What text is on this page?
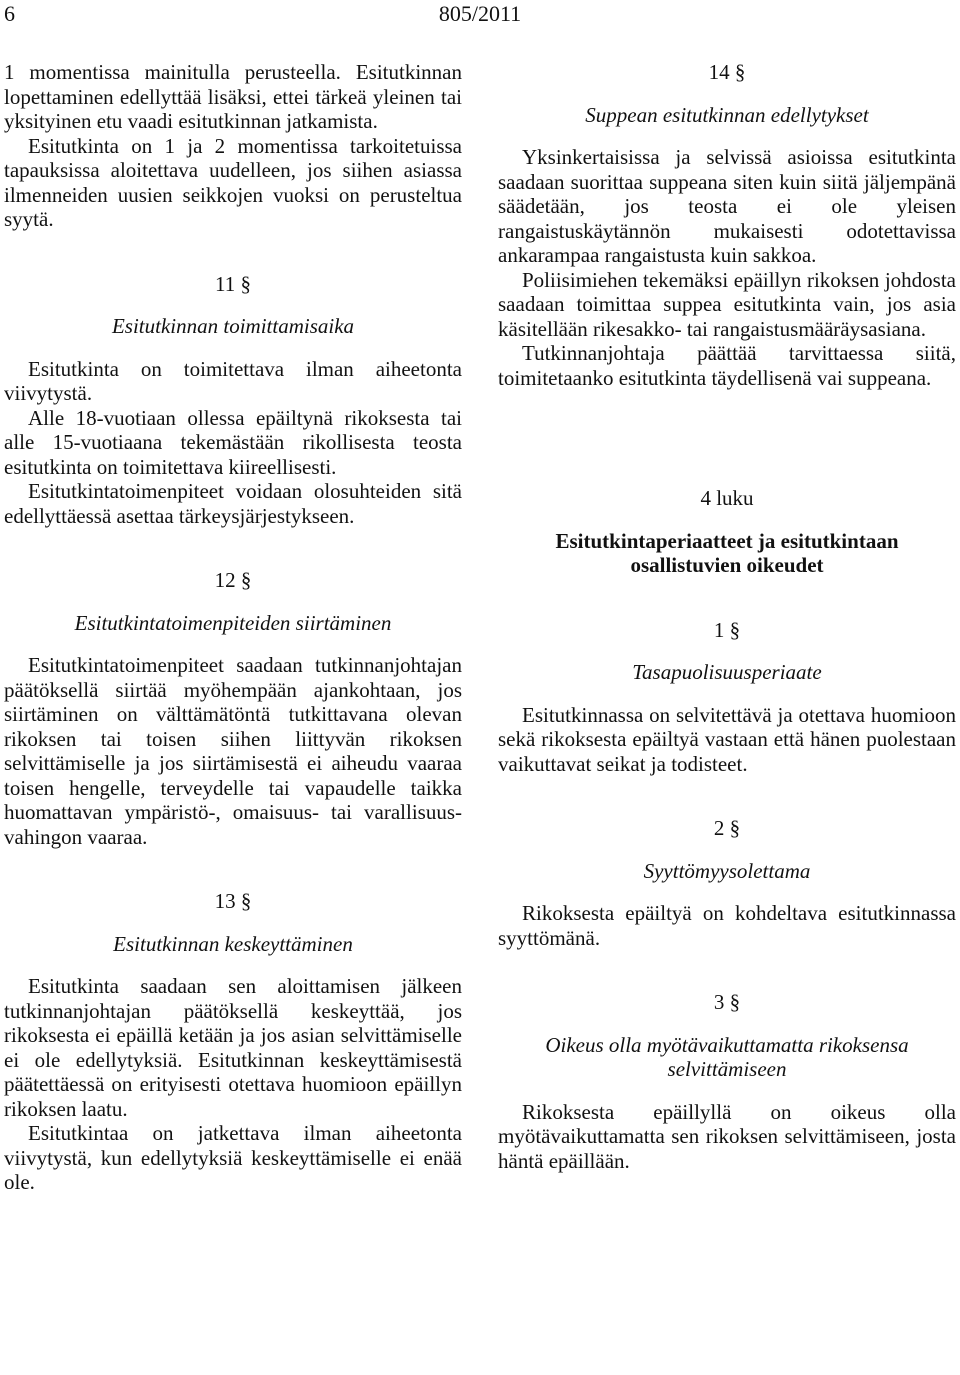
6	805/2011

1 momentissa mainitulla perusteella. Esitutkinnan lopettaminen edellyttää lisäksi, ettei tärkeä yleinen tai yksityinen etu vaadi esitutkinnan jatkamista.

Esitutkinta on 1 ja 2 momentissa tarkoitetuissa tapauksissa aloitettava uudelleen, jos siihen asiassa ilmenneiden uusien seikkojen vuoksi on perusteltua syytä.

11 §
Esitutkinnan toimittamisaika

Esitutkinta on toimitettava ilman aiheetonta viivytystä.

Alle 18-vuotiaan ollessa epäiltynä rikoksesta tai alle 15-vuotiaana tekemästään rikollisesta teosta esitutkinta on toimitettava kiireellisesti.

Esitutkintatoimenpiteet voidaan olosuhteiden sitä edellyttäessä asettaa tärkeysjärjestykseen.

12 §
Esitutkintatoimenpiteiden siirtäminen

Esitutkintatoimenpiteet saadaan tutkinnanjohtajan päätöksellä siirtää myöhempään ajankohtaan, jos siirtäminen on välttämätöntä tutkittavana olevan rikoksen tai toisen siihen liittyvän rikoksen selvittämiselle ja jos siirtämisestä ei aiheudu vaaraa toisen hengelle, terveydelle tai vapaudelle taikka huomattavan ympäristö-, omaisuus- tai varallisuus-vahingon vaaraa.

13 §
Esitutkinnan keskeyttäminen

Esitutkinta saadaan sen aloittamisen jälkeen tutkinnanjohtajan päätöksellä keskeyttää, jos rikoksesta ei epäillä ketään ja jos asian selvittämiselle ei ole edellytyksiä. Esitutkinnan keskeyttämisestä päätettäessä on erityisesti otettava huomioon epäillyn rikoksen laatu.

Esitutkintaa on jatkettava ilman aiheetonta viivytystä, kun edellytyksiä keskeyttämiselle ei enää ole.

14 §
Suppean esitutkinnan edellytykset

Yksinkertaisissa ja selvissä asioissa esitutkinta saadaan suorittaa suppeana siten kuin siitä jäljempänä säädetään, jos teosta ei ole yleisen rangaistuskäytännön mukaisesti odotettavissa ankarampaa rangaistusta kuin sakkoa.

Poliisimiehen tekemäksi epäillyn rikoksen johdosta saadaan toimittaa suppea esitutkinta vain, jos asia käsitellään rikesakko- tai rangaistusmääräysasiana.

Tutkinnanjohtaja päättää tarvittaessa siitä, toimitetaanko esitutkinta täydellisenä vai suppeana.

4 luku
Esitutkintaperiaatteet ja esitutkintaan osallistuvien oikeudet
1 §
Tasapuolisuusperiaate

Esitutkinnassa on selvitettävä ja otettava huomioon sekä rikoksesta epäiltyä vastaan että hänen puolestaan vaikuttavat seikat ja todisteet.

2 §
Syyttömyysolettama

Rikoksesta epäiltyä on kohdeltava esitutkinnassa syyttömänä.

3 §
Oikeus olla myötävaikuttamatta rikoksensa selvittämiseen

Rikoksesta epäillyllä on oikeus olla myötävaikuttamatta sen rikoksen selvittämiseen, josta häntä epäillään.
